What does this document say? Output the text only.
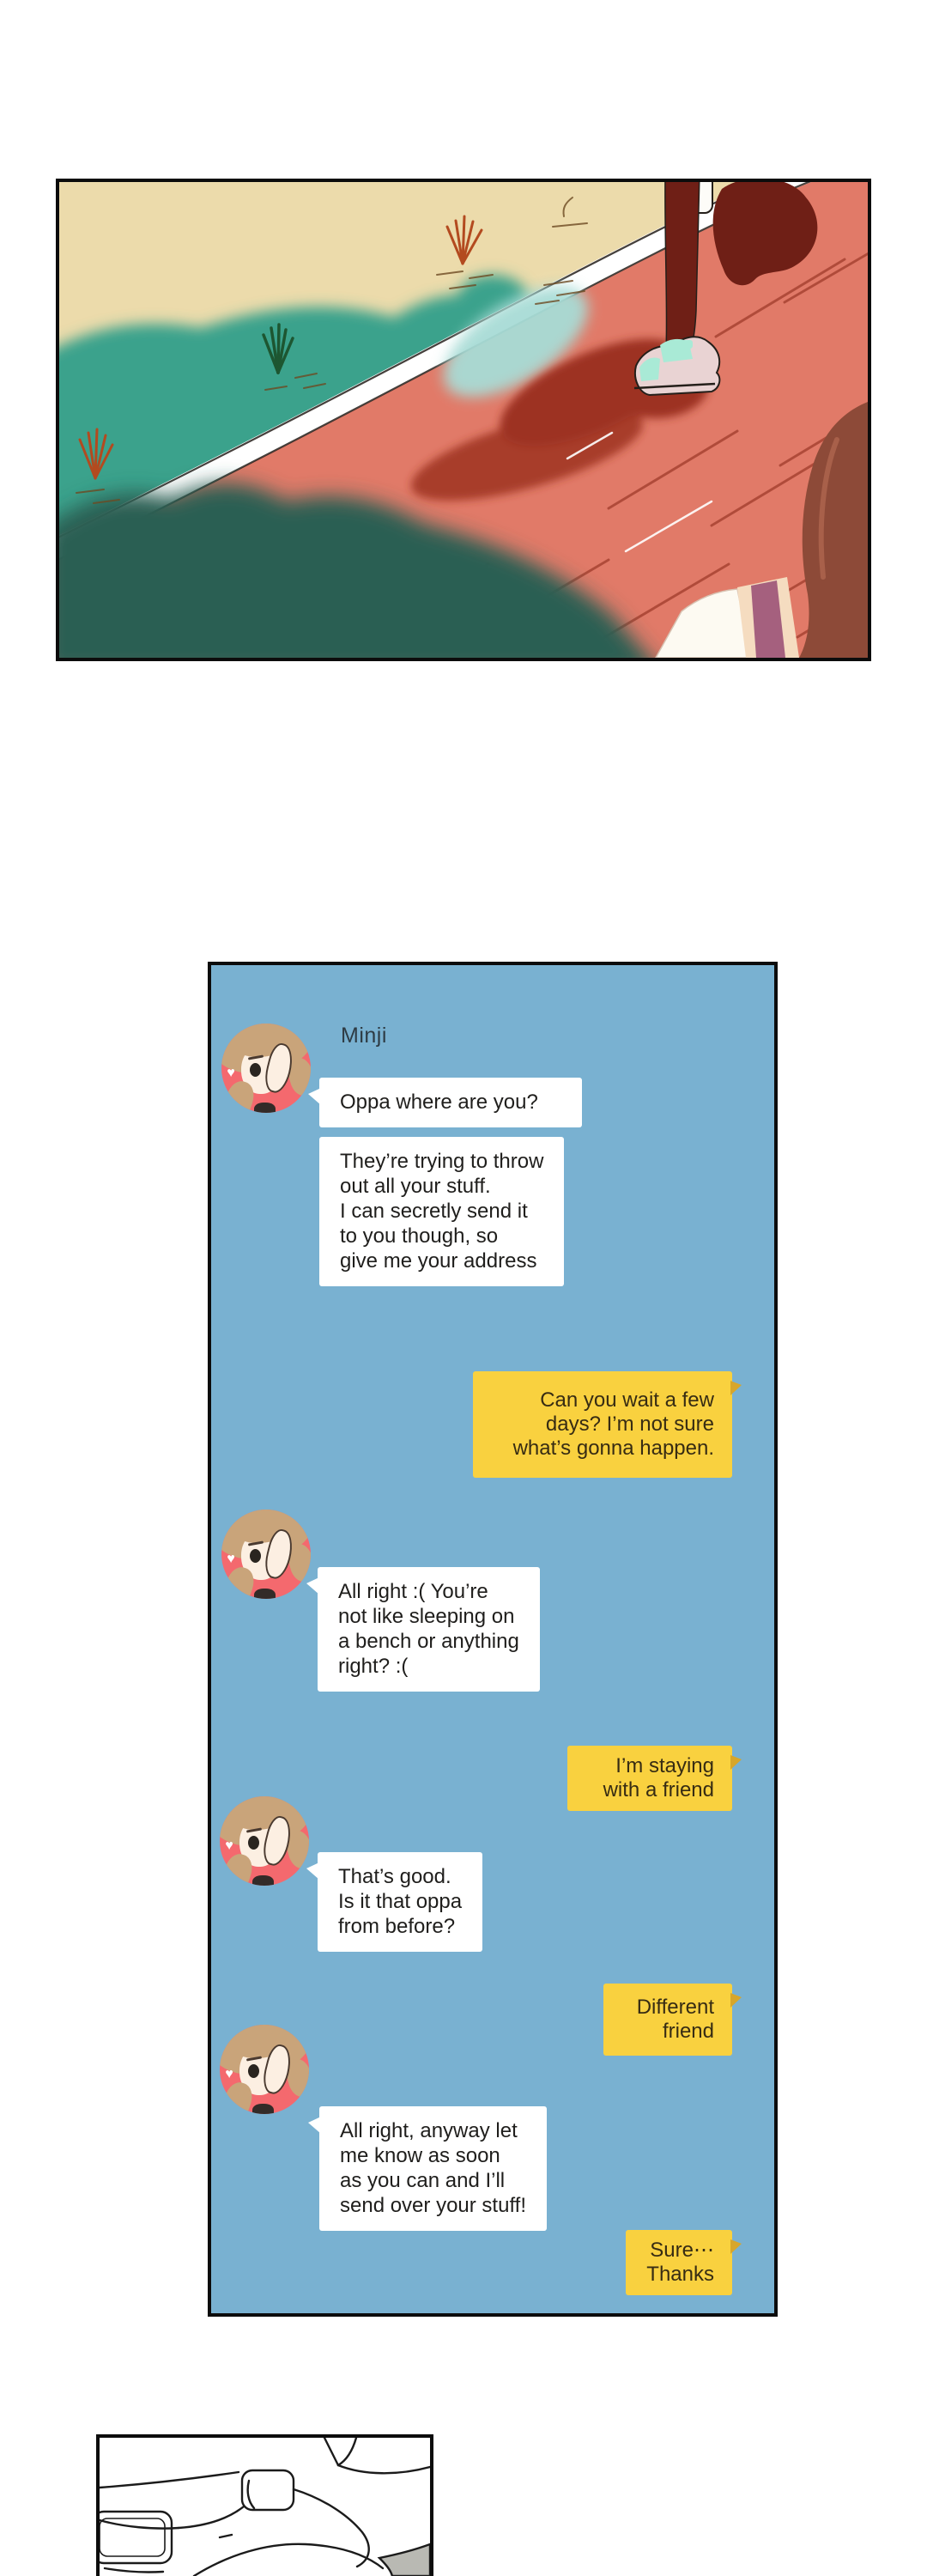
♥
Minji
Oppa where are you?
They’re trying to throw
out all your stuff.
I can secretly send it
to you though, so
give me your address
Can you wait a few
days? I’m not sure
what’s gonna happen.
♥
All right :( You’re
not like sleeping on
a bench or anything
right? :(
I’m staying
with a friend
♥
That’s good.
Is it that oppa
from before?
Different
friend
♥
All right, anyway let
me know as soon
as you can and I’ll
send over your stuff!
Sure⋯
Thanks
